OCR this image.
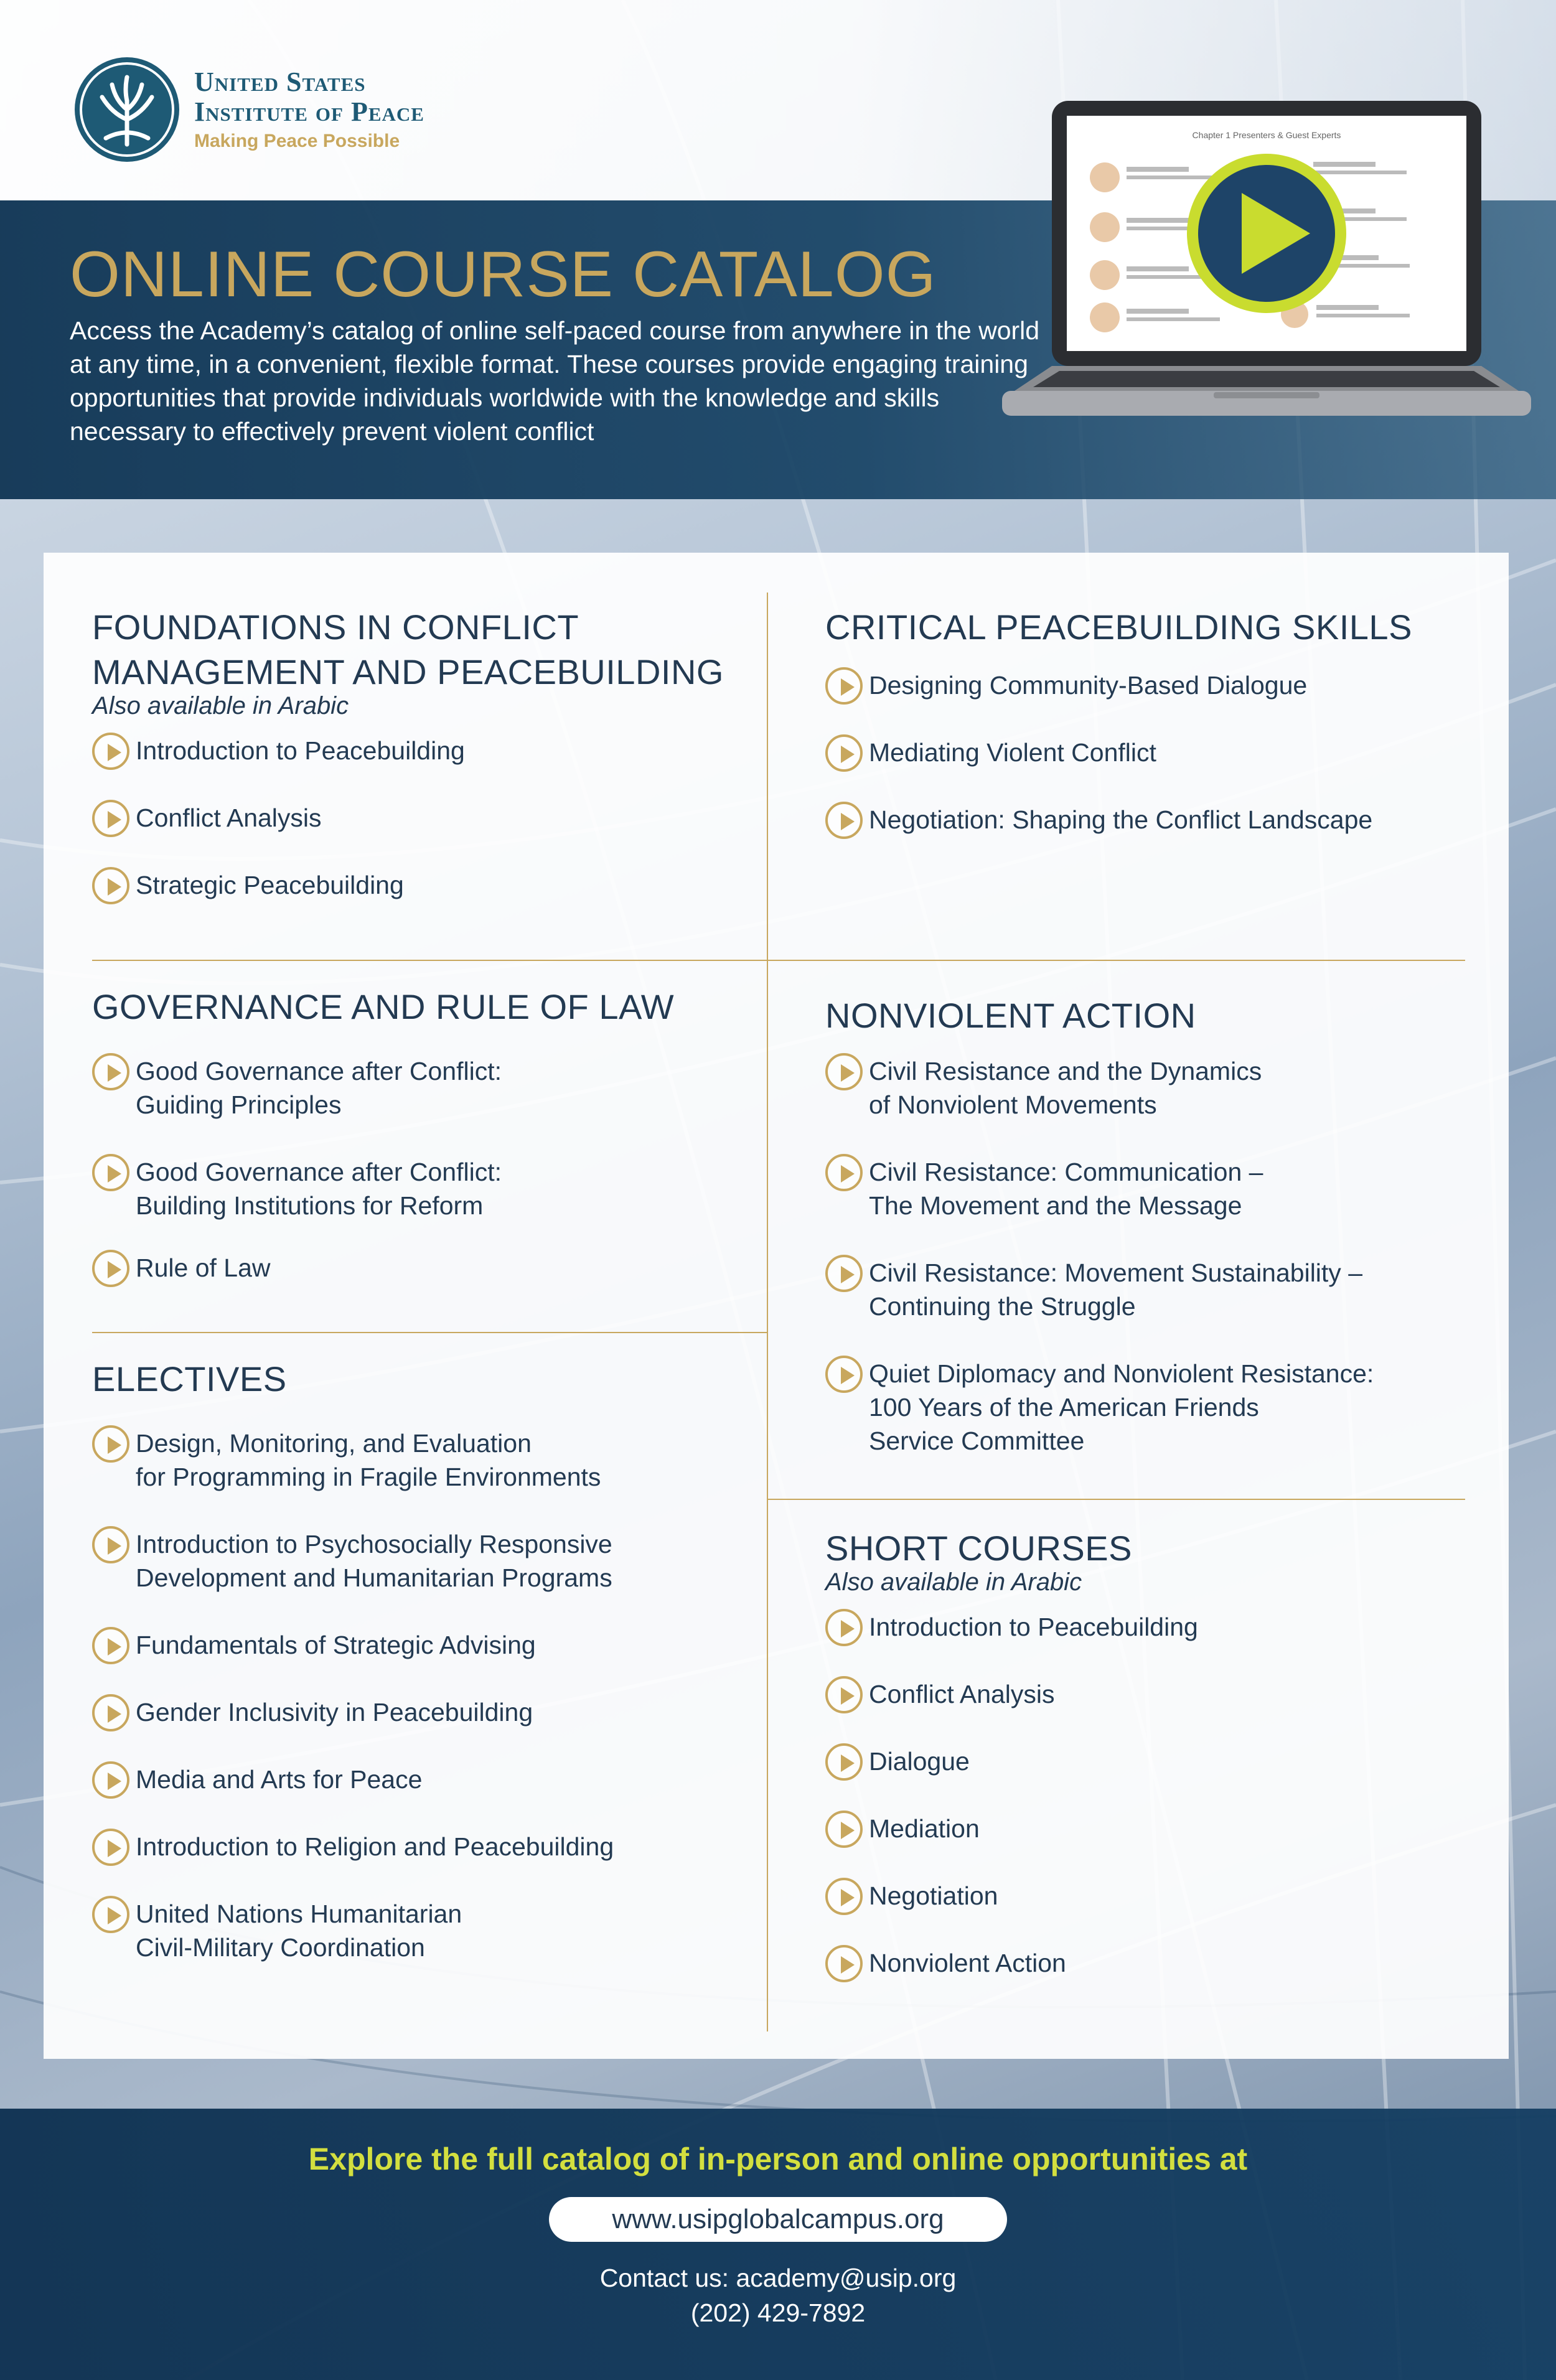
United States
Institute of Peace
Making Peace Possible
ONLINE COURSE CATALOG

Access the Academy’s catalog of online self-paced course from anywhere in the world at any time, in a convenient, flexible format. These courses provide engaging training opportunities that provide individuals worldwide with the knowledge and skills necessary to effectively prevent violent conflict

Chapter 1 Presenters & Guest Experts
FOUNDATIONS IN CONFLICT
MANAGEMENT AND PEACEBUILDING
Also available in Arabic
Introduction to Peacebuilding
Conflict Analysis
Strategic Peacebuilding
CRITICAL PEACEBUILDING SKILLS
Designing Community-Based Dialogue
Mediating Violent Conflict
Negotiation: Shaping the Conflict Landscape
GOVERNANCE AND RULE OF LAW
Good Governance after Conflict:
Guiding Principles
Good Governance after Conflict:
Building Institutions for Reform
Rule of Law
NONVIOLENT ACTION
Civil Resistance and the Dynamics
of Nonviolent Movements
Civil Resistance: Communication –
The Movement and the Message
Civil Resistance: Movement Sustainability –
Continuing the Struggle
Quiet Diplomacy and Nonviolent Resistance:
100 Years of the American Friends
Service Committee
ELECTIVES
Design, Monitoring, and Evaluation
for Programming in Fragile Environments
Introduction to Psychosocially Responsive
Development and Humanitarian Programs
Fundamentals of Strategic Advising
Gender Inclusivity in Peacebuilding
Media and Arts for Peace
Introduction to Religion and Peacebuilding
United Nations Humanitarian
Civil-Military Coordination
SHORT COURSES
Also available in Arabic
Introduction to Peacebuilding
Conflict Analysis
Dialogue
Mediation
Negotiation
Nonviolent Action
Explore the full catalog of in-person and online opportunities at
www.usipglobalcampus.org
Contact us: academy@usip.org
(202) 429-7892
